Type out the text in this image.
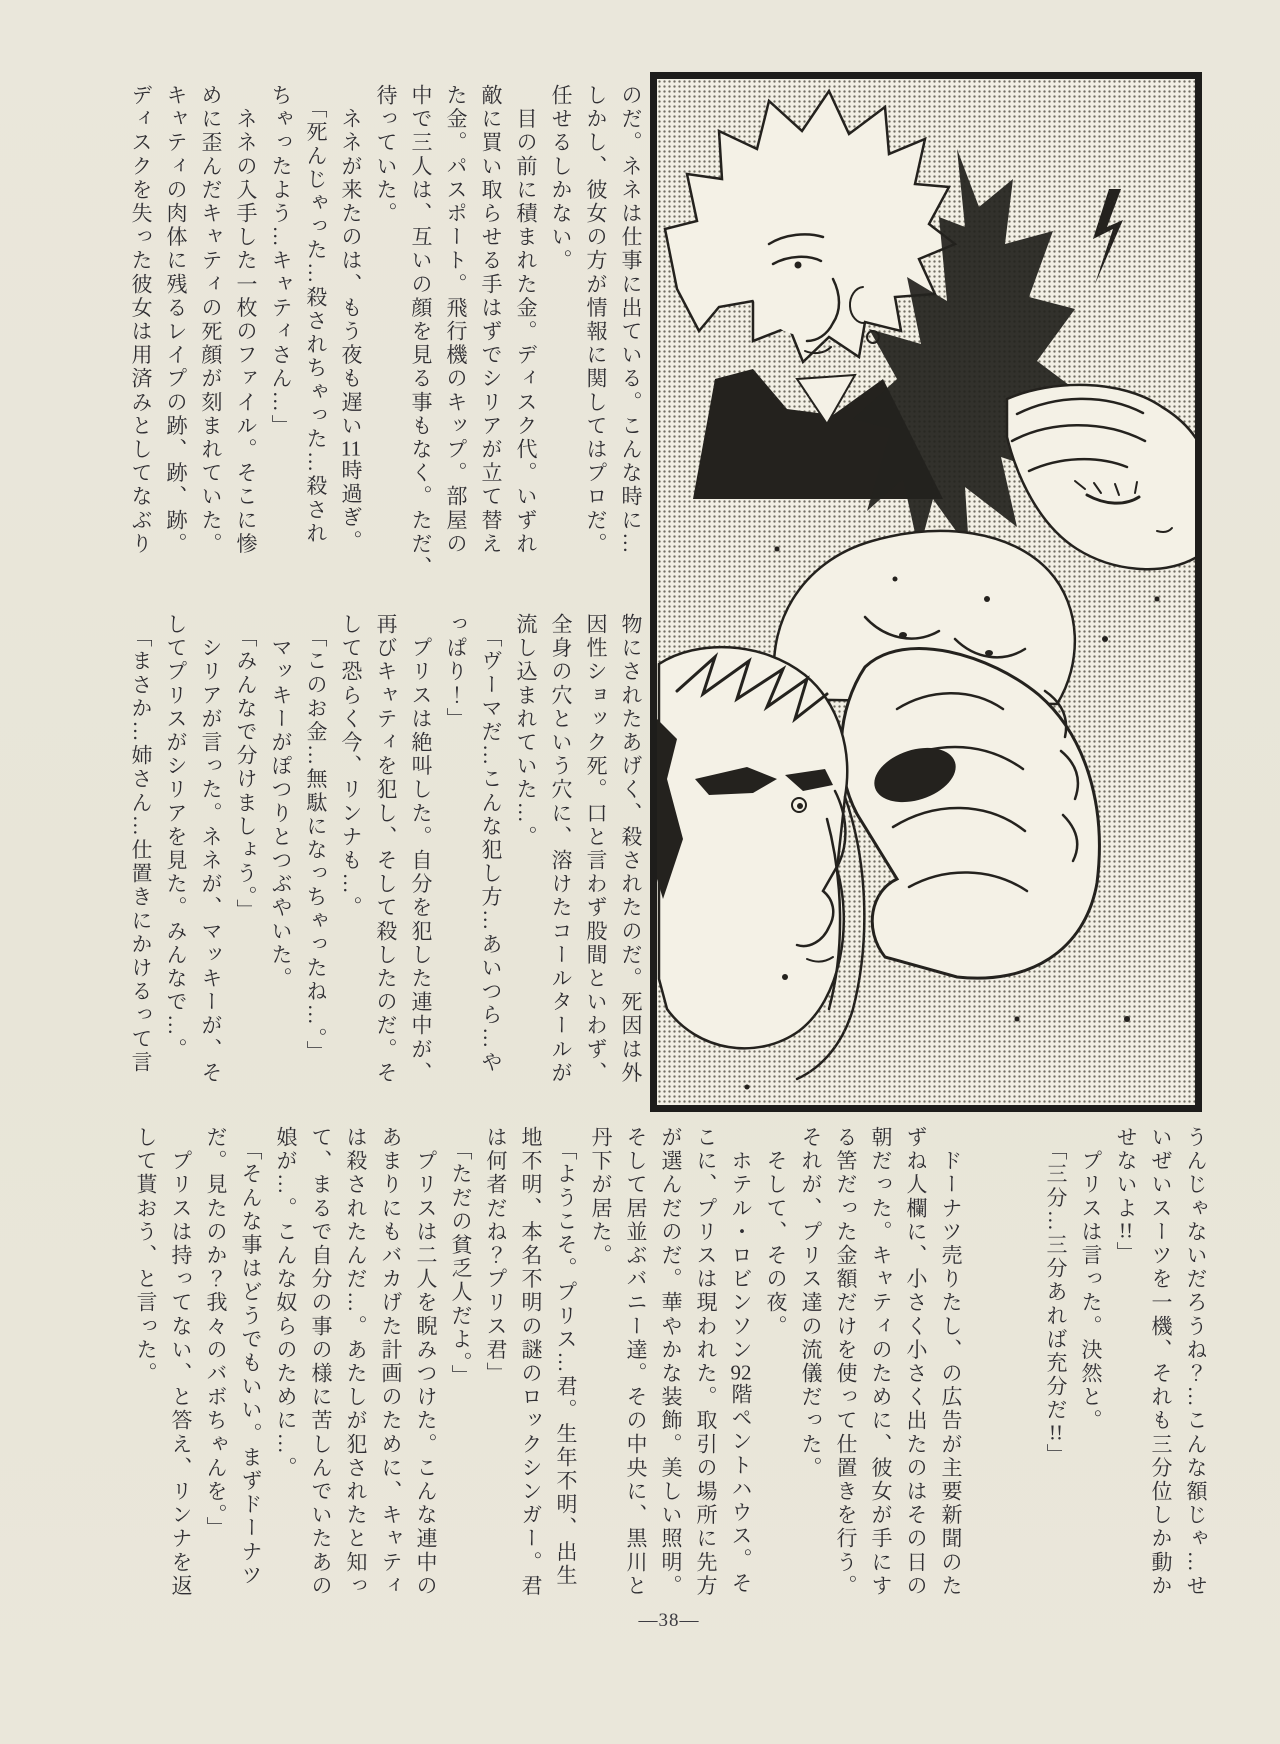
のだ。ネネは仕事に出ている。こんな時に…
しかし、彼女の方が情報に関してはプロだ。
任せるしかない。
　目の前に積まれた金。ディスク代。いずれ
敵に買い取らせる手はずでシリアが立て替え
た金。パスポート。飛行機のキップ。部屋の
中で三人は、互いの顔を見る事もなく。ただ、
待っていた。
　ネネが来たのは、もう夜も遅い11時過ぎ。
　「死んじゃった…殺されちゃった…殺され
ちゃったよう…キャティさん…」
　ネネの入手した一枚のファイル。そこに惨
めに歪んだキャティの死顔が刻まれていた。
キャティの肉体に残るレイプの跡、跡、跡。
ディスクを失った彼女は用済みとしてなぶり
物にされたあげく、殺されたのだ。死因は外
因性ショック死。口と言わず股間といわず、
全身の穴という穴に、溶けたコールタールが
流し込まれていた…。
　「ヴーマだ…こんな犯し方…あいつら…や
っぱり！」
　プリスは絶叫した。自分を犯した連中が、
再びキャティを犯し、そして殺したのだ。そ
して恐らく今、リンナも…。
　「このお金…無駄になっちゃったね…。」
　マッキーがぽつりとつぶやいた。
　「みんなで分けましょう。」
　シリアが言った。ネネが、マッキーが、そ
してプリスがシリアを見た。みんなで…。
　「まさか…姉さん…仕置きにかけるって言
うんじゃないだろうね？…こんな額じゃ…せ
いぜいスーツを一機、それも三分位しか動か
せないよ!!」
　プリスは言った。決然と。
　「三分…三分あれば充分だ!!」
　ドーナツ売りたし、の広告が主要新聞のた
ずね人欄に、小さく小さく出たのはその日の
朝だった。キャティのために、彼女が手にす
る筈だった金額だけを使って仕置きを行う。
それが、プリス達の流儀だった。
　そして、その夜。
　ホテル・ロビンソン92階ペントハウス。そ
こに、プリスは現われた。取引の場所に先方
が選んだのだ。華やかな装飾。美しい照明。
そして居並ぶバニー達。その中央に、黒川と
丹下が居た。
　「ようこそ。プリス…君。生年不明、出生
地不明、本名不明の謎のロックシンガー。君
は何者だね？プリス君」
　「ただの貧乏人だよ。」
　プリスは二人を睨みつけた。こんな連中の
あまりにもバカげた計画のために、キャティ
は殺されたんだ…。あたしが犯されたと知っ
て、まるで自分の事の様に苦しんでいたあの
娘が…。こんな奴らのために…。
　「そんな事はどうでもいい。まずドーナツ
だ。見たのか？我々のバボちゃんを。」
　プリスは持ってない、と答え、リンナを返
して貰おう、と言った。
―38―
